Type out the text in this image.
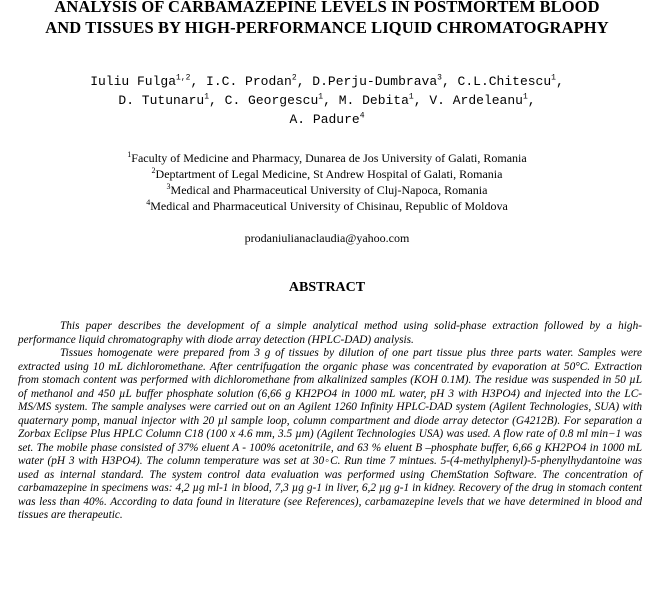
ANALYSIS OF CARBAMAZEPINE LEVELS IN POSTMORTEM BLOOD AND TISSUES BY HIGH-PERFORMANCE LIQUID CHROMATOGRAPHY
Iuliu Fulga$^{1,2}$, I.C. Prodan$^2$, D.Perju-Dumbrava$^3$, C.L.Chitescu$^1$,
D. Tutunaru$^1$, C. Georgescu$^1$, M. Debita$^1$, V. Ardeleanu$^1$,
A. Padure$^4$
$^1$Faculty of Medicine and Pharmacy, Dunarea de Jos University of Galati, Romania
$^2$Deptartment of Legal Medicine, St Andrew Hospital of Galati, Romania
$^3$Medical and Pharmaceutical University of Cluj-Napoca, Romania
$^4$Medical and Pharmaceutical University of Chisinau, Republic of Moldova
prodaniulianaclaudia@yahoo.com
ABSTRACT

This paper describes the development of a simple analytical method using solid-phase extraction followed by a high-performance liquid chromatography with diode array detection (HPLC-DAD) analysis.

Tissues homogenate were prepared from 3 g of tissues by dilution of one part tissue plus three parts water. Samples were extracted using 10 mL dichloromethane. After centrifugation the organic phase was concentrated by evaporation at 50°C. Extraction from stomach content was performed with dichloromethane from alkalinized samples (KOH 0.1M). The residue was suspended in 50 µL of methanol and 450 µL buffer phosphate solution (6,66 g KH2PO4 in 1000 mL water, pH 3 with H3PO4) and injected into the LC-MS/MS system. The sample analyses were carried out on an Agilent 1260 Infinity HPLC-DAD system (Agilent Technologies, SUA) with quaternary pomp, manual injector with 20 µl sample loop, column compartment and diode array detector (G4212B). For separation a Zorbax Eclipse Plus HPLC Column C18 (100 x 4.6 mm, 3.5 µm) (Agilent Technologies USA) was used. A flow rate of 0.8 ml min−1 was set. The mobile phase consisted of 37% eluent A - 100% acetonitrile, and 63 % eluent B –phosphate buffer, 6,66 g KH2PO4 in 1000 mL water (pH 3 with H3PO4). The column temperature was set at 30◦C. Run time 7 mintues. 5-(4-methylphenyl)-5-phenylhydantoine was used as internal standard. The system control data evaluation was performed using ChemStation Software. The concentration of carbamazepine in specimens was: 4,2 µg ml-1 in blood, 7,3 µg g-1 in liver, 6,2 µg g-1 in kidney. Recovery of the drug in stomach content was less than 40%. According to data found in literature (see References), carbamazepine levels that we have determined in blood and tissues are therapeutic.
